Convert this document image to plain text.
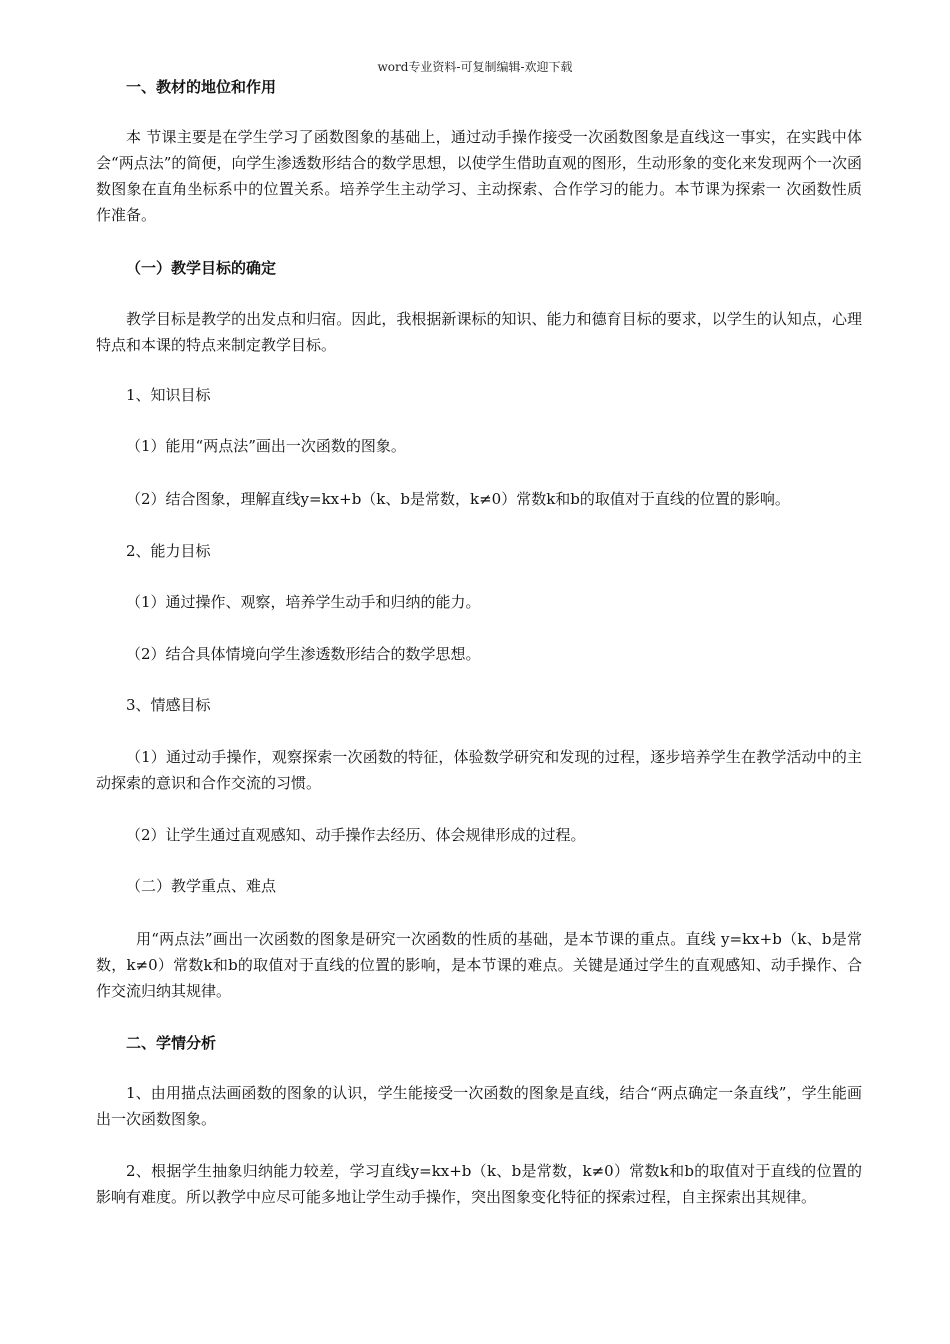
word专业资料-可复制编辑-欢迎下载

一、教材的地位和作用

本 节课主要是在学生学习了函数图象的基础上，通过动手操作接受一次函数图象是直线这一事实，在实践中体会“两点法”的简便，向学生渗透数形结合的数学思想，以使学生借助直观的图形，生动形象的变化来发现两个一次函数图象在直角坐标系中的位置关系。培养学生主动学习、主动探索、合作学习的能力。本节课为探索一 次函数性质作准备。

（一）教学目标的确定

教学目标是教学的出发点和归宿。因此，我根据新课标的知识、能力和德育目标的要求，以学生的认知点，心理特点和本课的特点来制定教学目标。

1、知识目标

（1）能用“两点法”画出一次函数的图象。

（2）结合图象，理解直线y=kx+b（k、b是常数，k≠0）常数k和b的取值对于直线的位置的影响。

2、能力目标

（1）通过操作、观察，培养学生动手和归纳的能力。

（2）结合具体情境向学生渗透数形结合的数学思想。

3、情感目标

（1）通过动手操作，观察探索一次函数的特征，体验数学研究和发现的过程，逐步培养学生在教学活动中的主动探索的意识和合作交流的习惯。

（2）让学生通过直观感知、动手操作去经历、体会规律形成的过程。

（二）教学重点、难点

用“两点法”画出一次函数的图象是研究一次函数的性质的基础，是本节课的重点。直线 y=kx+b（k、b是常数，k≠0）常数k和b的取值对于直线的位置的影响，是本节课的难点。关键是通过学生的直观感知、动手操作、合作交流归纳其规律。

二、学情分析

1、由用描点法画函数的图象的认识，学生能接受一次函数的图象是直线，结合“两点确定一条直线”，学生能画出一次函数图象。

2、根据学生抽象归纳能力较差，学习直线y=kx+b（k、b是常数，k≠0）常数k和b的取值对于直线的位置的影响有难度。所以教学中应尽可能多地让学生动手操作，突出图象变化特征的探索过程，自主探索出其规律。
